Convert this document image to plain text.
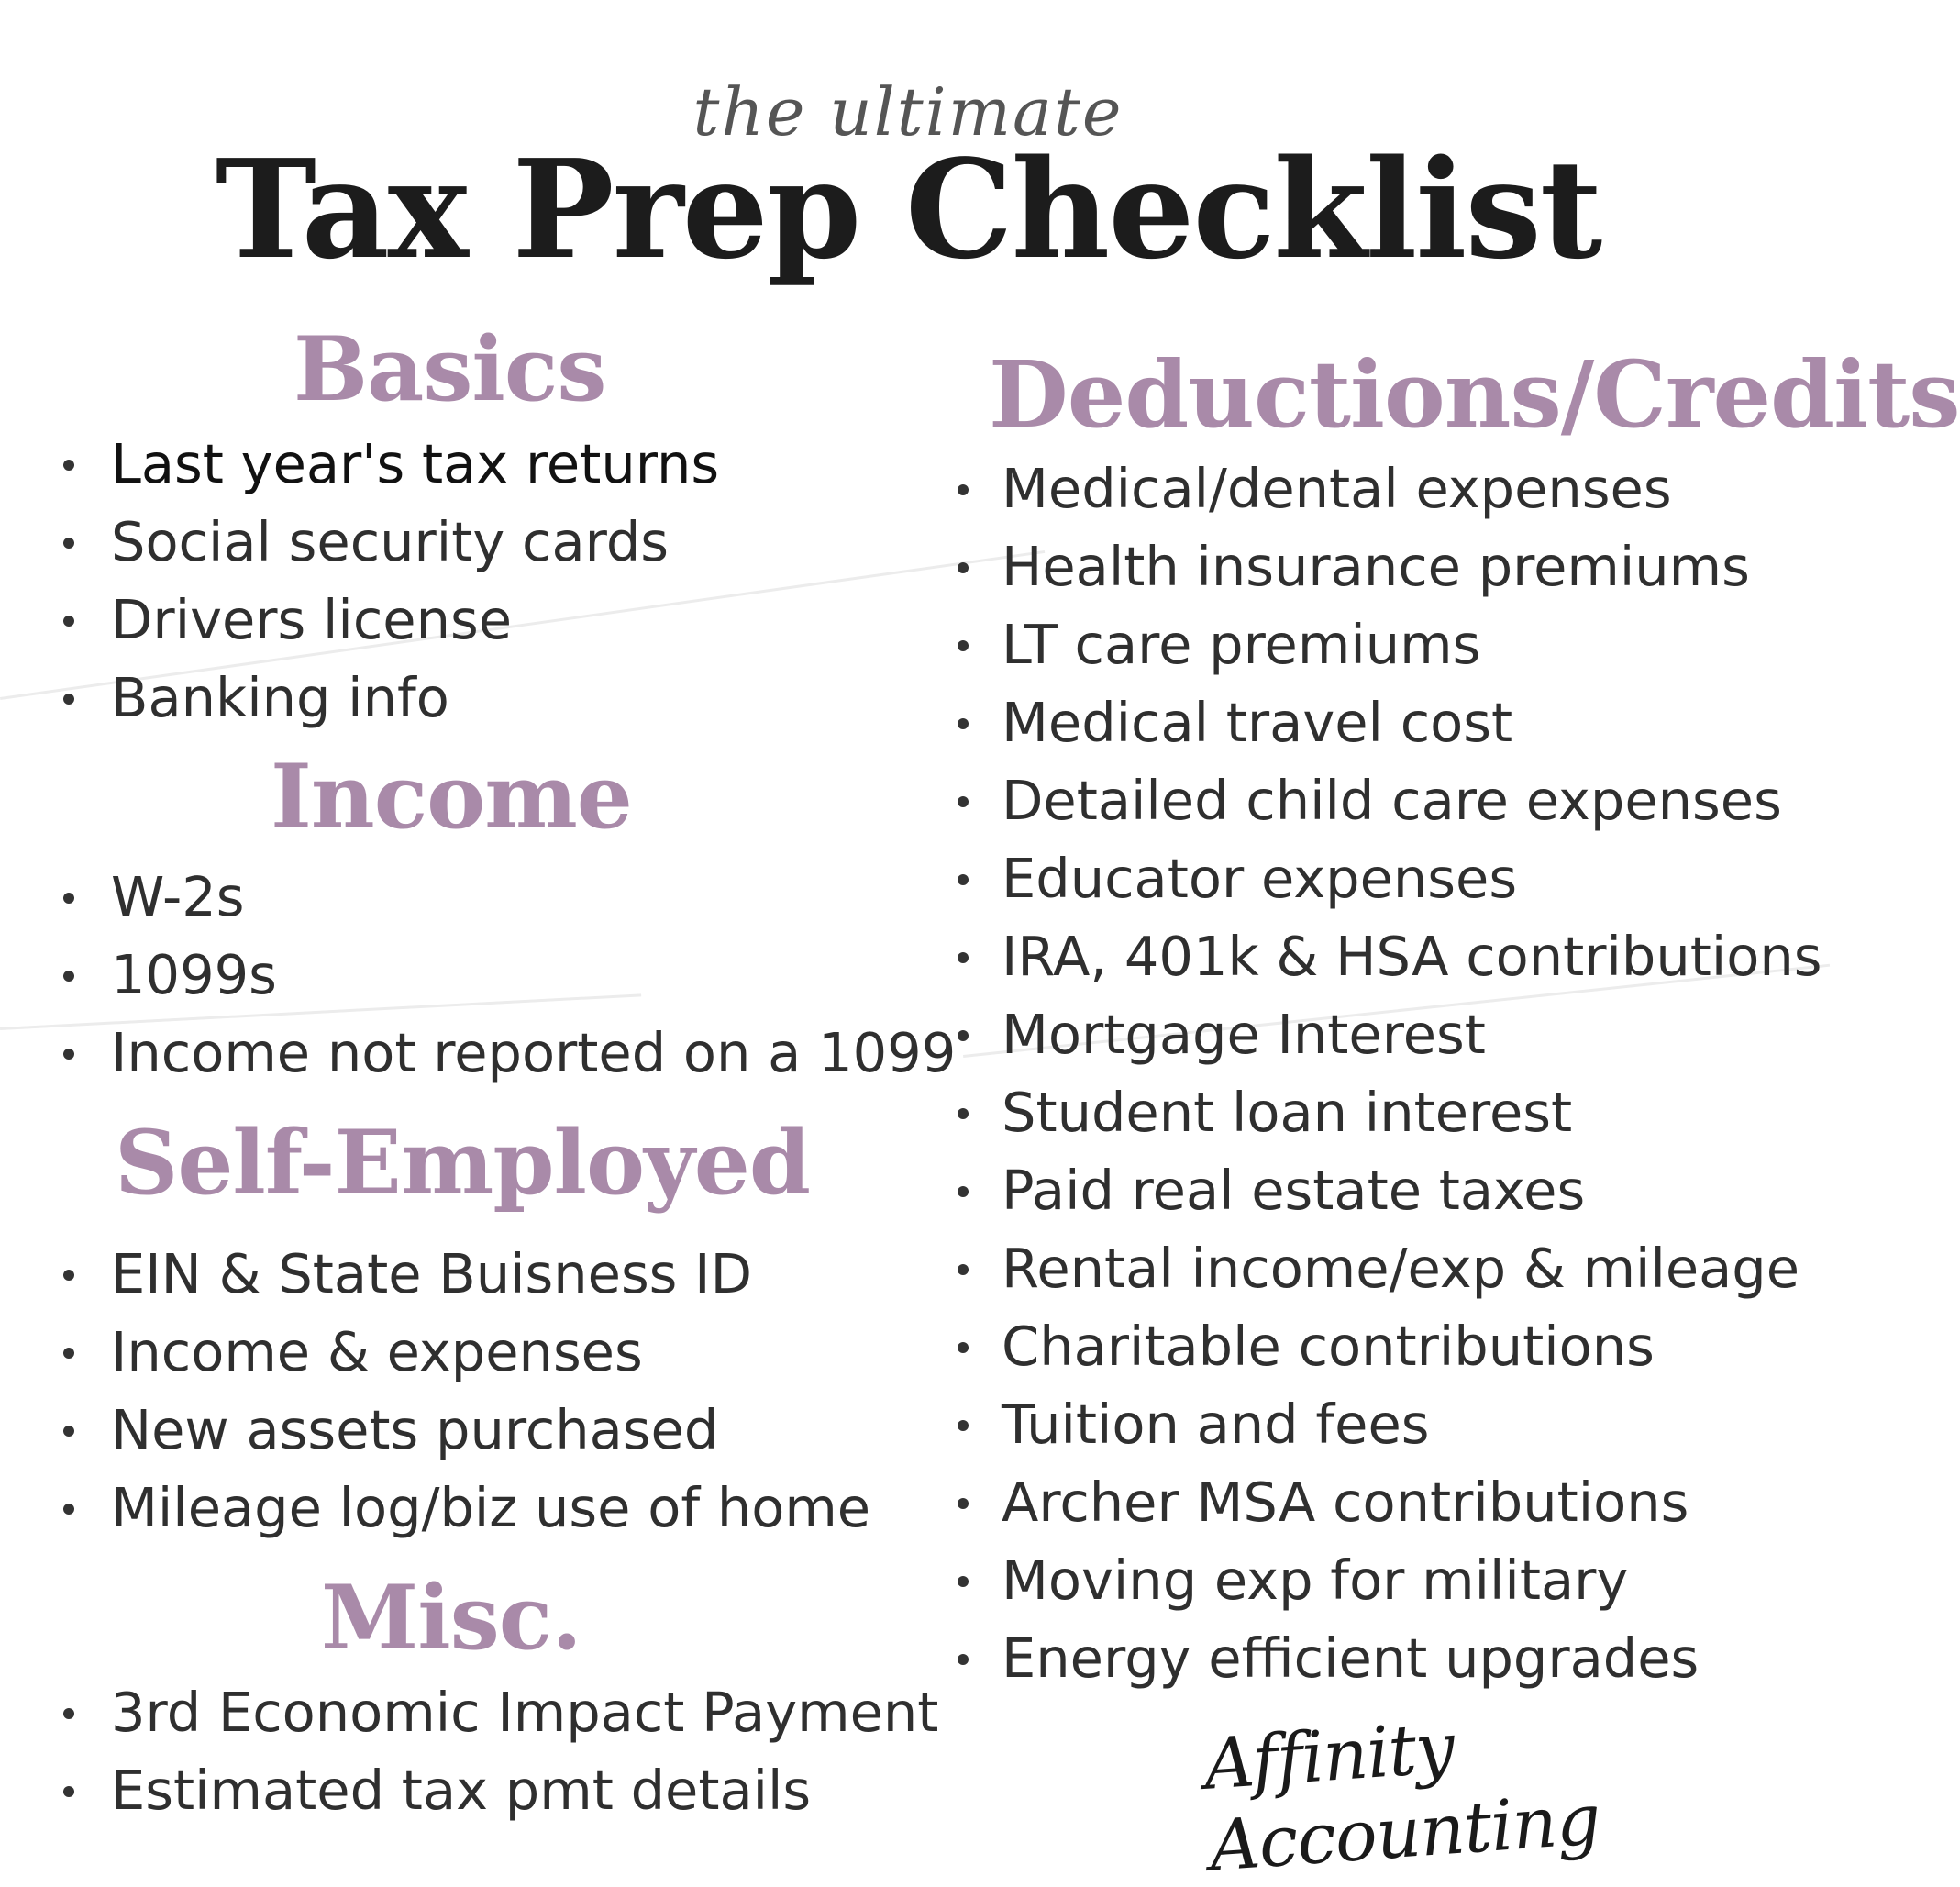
the ultimate
Tax Prep Checklist
Basics
Last year's tax returns
Social security cards
Drivers license
Banking info
Income
W-2s
1099s
Income not reported on a 1099
Self-Employed
EIN & State Buisness ID
Income & expenses
New assets purchased
Mileage log/biz use of home
Misc.
3rd Economic Impact Payment
Estimated tax pmt details
Deductions/Credits
Medical/dental expenses
Health insurance premiums
LT care premiums
Medical travel cost
Detailed child care expenses
Educator expenses
IRA, 401k & HSA contributions
Mortgage Interest
Student loan interest
Paid real estate taxes
Rental income/exp & mileage
Charitable contributions
Tuition and fees
Archer MSA contributions
Moving exp for military
Energy efficient upgrades
Affinity Accounting
